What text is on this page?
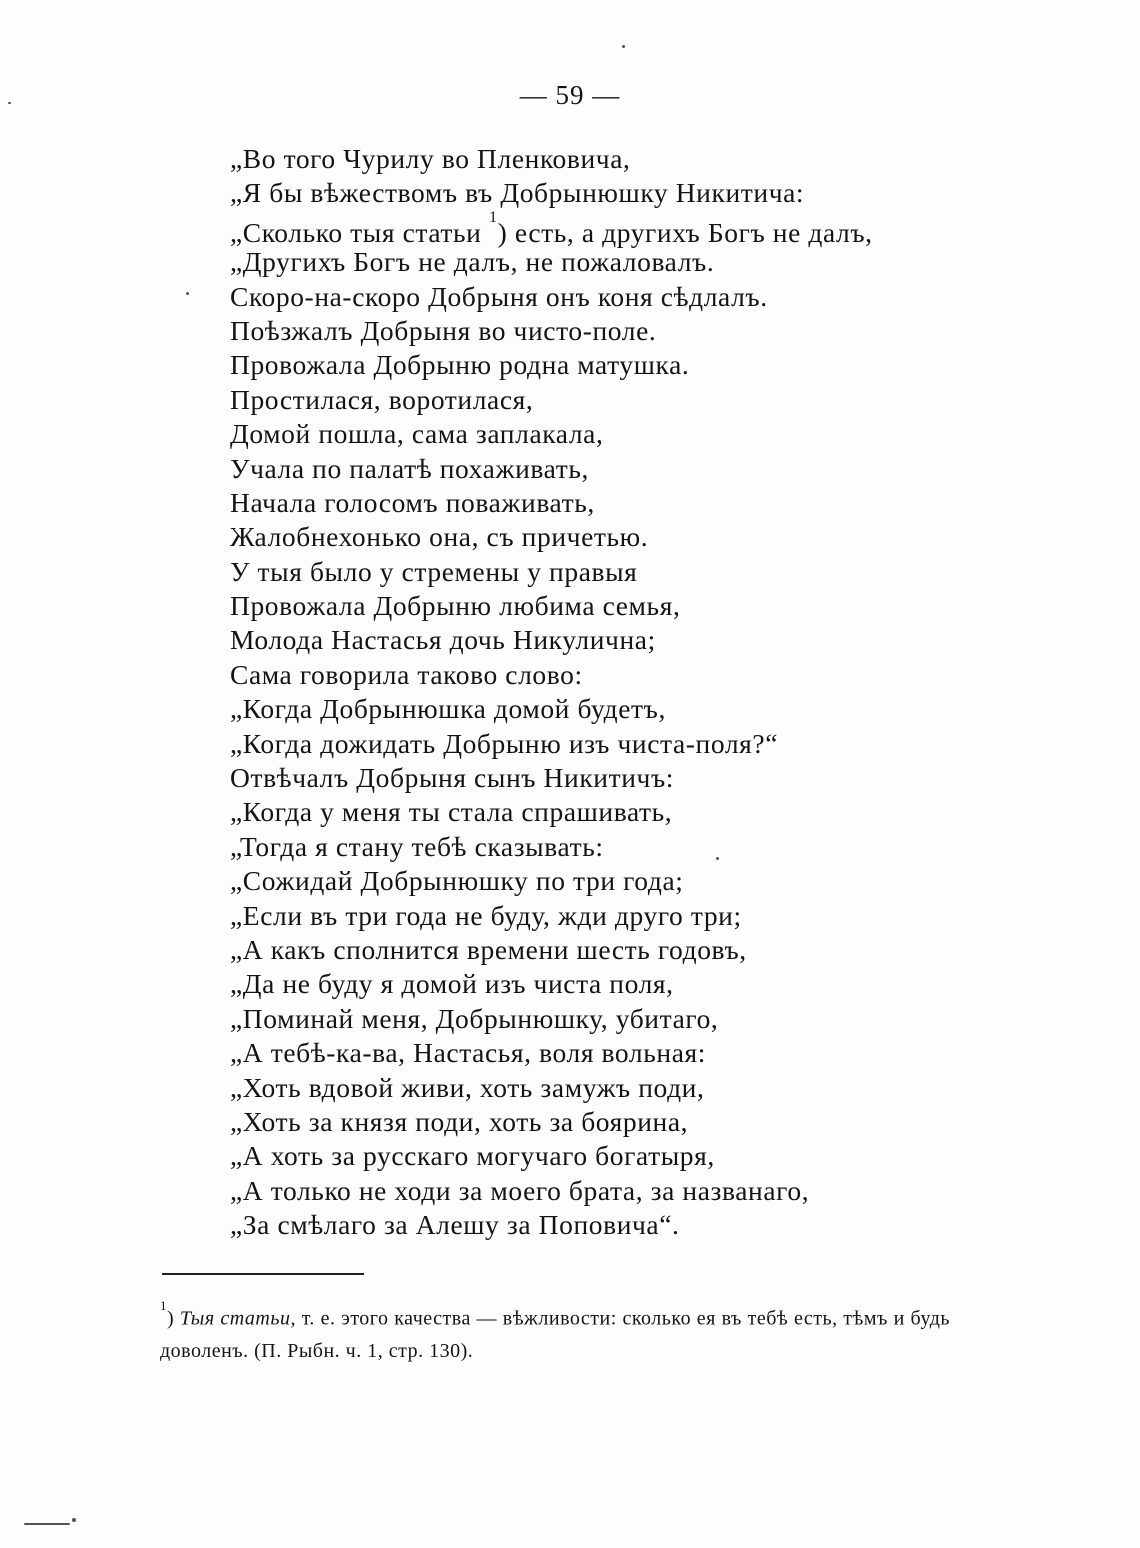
— 59 —
„Во того Чурилу во Пленковича,
„Я бы вѣжествомъ въ Добрынюшку Никитича:
„Сколько тыя статьи $^1$) есть, а другихъ Богъ не далъ,
„Другихъ Богъ не далъ, не пожаловалъ.
Скоро-на-скоро Добрыня онъ коня сѣдлалъ.
Поѣзжалъ Добрыня во чисто-поле.
Провожала Добрыню родна матушка.
Простилася, воротилася,
Домой пошла, сама заплакала,
Учала по палатѣ похаживать,
Начала голосомъ поваживать,
Жалобнехонько она, съ причетью.
У тыя было у стремены у правыя
Провожала Добрыню любима семья,
Молода Настасья дочь Никулична;
Сама говорила таково слово:
„Когда Добрынюшка домой будетъ,
„Когда дожидать Добрыню изъ чиста-поля?“
Отвѣчалъ Добрыня сынъ Никитичъ:
„Когда у меня ты стала спрашивать,
„Тогда я стану тебѣ сказывать:
„Сожидай Добрынюшку по три года;
„Если въ три года не буду, жди друго три;
„А какъ сполнится времени шесть годовъ,
„Да не буду я домой изъ чиста поля,
„Поминай меня, Добрынюшку, убитаго,
„А тебѣ-ка-ва, Настасья, воля вольная:
„Хоть вдовой живи, хоть замужъ поди,
„Хоть за князя поди, хоть за боярина,
„А хоть за русскаго могучаго богатыря,
„А только не ходи за моего брата, за названаго,
„За смѣлаго за Алешу за Поповича“.
$^1$) Тыя статьи, т. е. этого качества — вѣжливости: сколько ея въ тебѣ есть, тѣмъ и будь доволенъ. (П. Рыбн. ч. 1, стр. 130).
